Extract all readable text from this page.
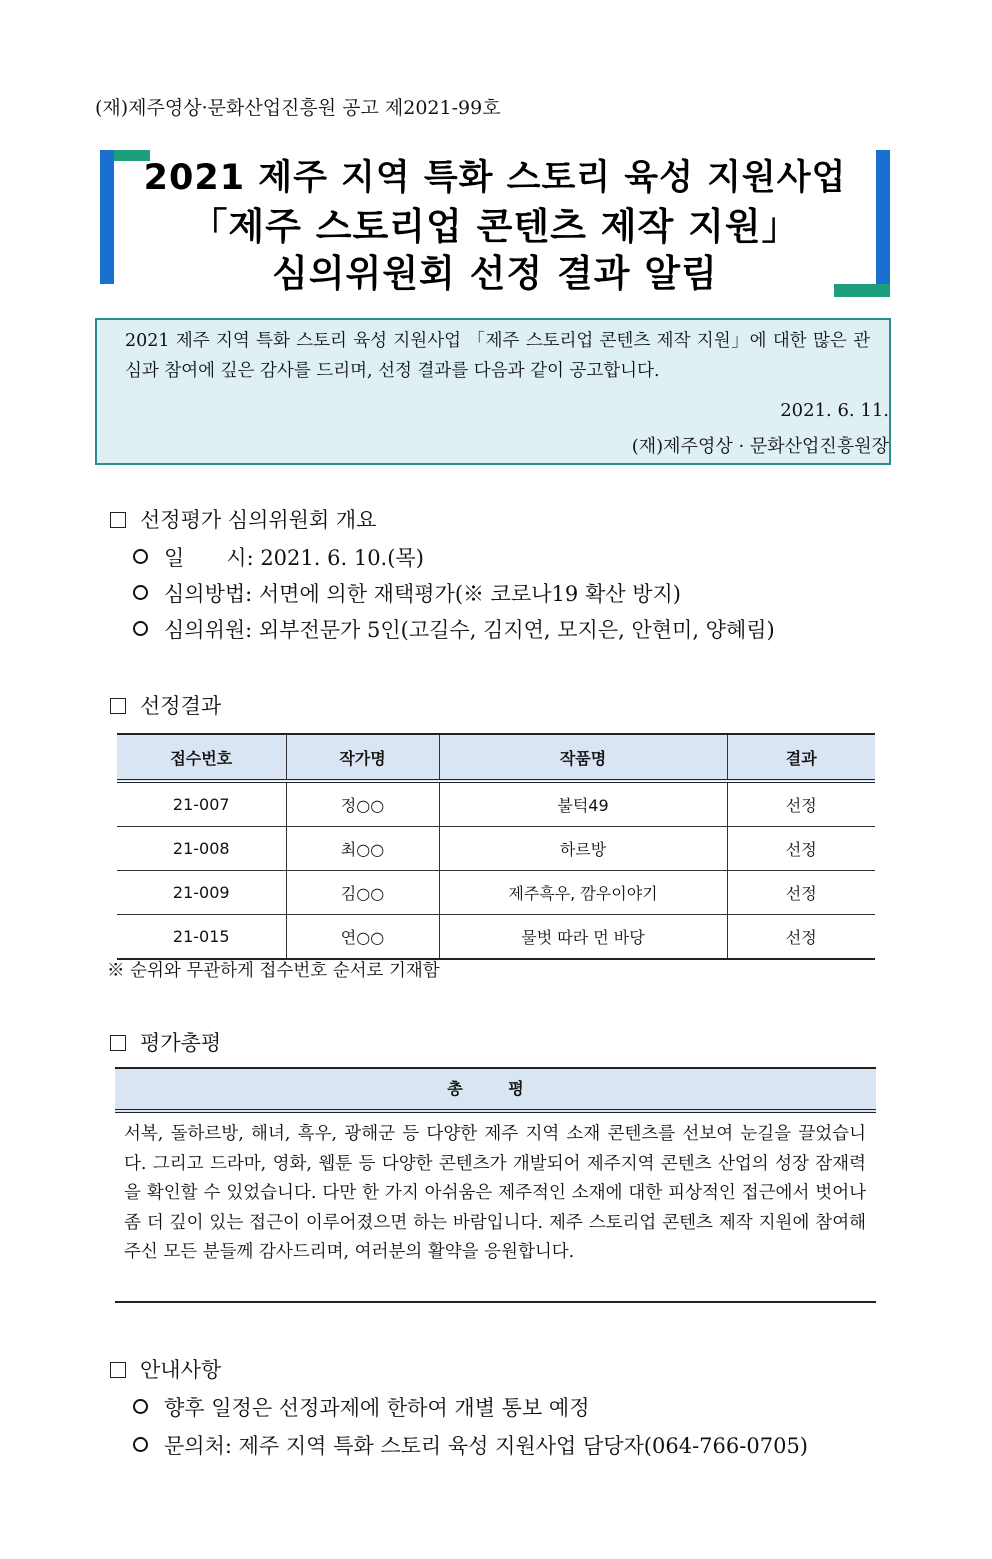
(재)제주영상·문화산업진흥원 공고 제2021-99호
2021 제주 지역 특화 스토리 육성 지원사업
「제주 스토리업 콘텐츠 제작 지원」
심의위원회 선정 결과 알림
2021 제주 지역 특화 스토리 육성 지원사업 「제주 스토리업 콘텐츠 제작 지원」에 대한 많은 관심과 참여에 깊은 감사를 드리며, 선정 결과를 다음과 같이 공고합니다.
2021. 6. 11.
(재)제주영상 · 문화산업진흥원장
선정평가 심의위원회 개요
일　　시: 2021. 6. 10.(목)
심의방법: 서면에 의한 재택평가(※ 코로나19 확산 방지)
심의위원: 외부전문가 5인(고길수, 김지연, 모지은, 안현미, 양혜림)
선정결과
접수번호	작가명	작품명	결과
21-007	정○○	불턱49	선정
21-008	최○○	하르방	선정
21-009	김○○	제주흑우, 깜우이야기	선정
21-015	연○○	물벗 따라 먼 바당	선정
※ 순위와 무관하게 접수번호 순서로 기재함
평가총평
총 평
서복, 돌하르방, 해녀, 흑우, 광해군 등 다양한 제주 지역 소재 콘텐츠를 선보여 눈길을 끌었습니다. 그리고 드라마, 영화, 웹툰 등 다양한 콘텐츠가 개발되어 제주지역 콘텐츠 산업의 성장 잠재력을 확인할 수 있었습니다. 다만 한 가지 아쉬움은 제주적인 소재에 대한 피상적인 접근에서 벗어나 좀 더 깊이 있는 접근이 이루어졌으면 하는 바람입니다. 제주 스토리업 콘텐츠 제작 지원에 참여해 주신 모든 분들께 감사드리며, 여러분의 활약을 응원합니다.
안내사항
향후 일정은 선정과제에 한하여 개별 통보 예정
문의처: 제주 지역 특화 스토리 육성 지원사업 담당자(064-766-0705)
